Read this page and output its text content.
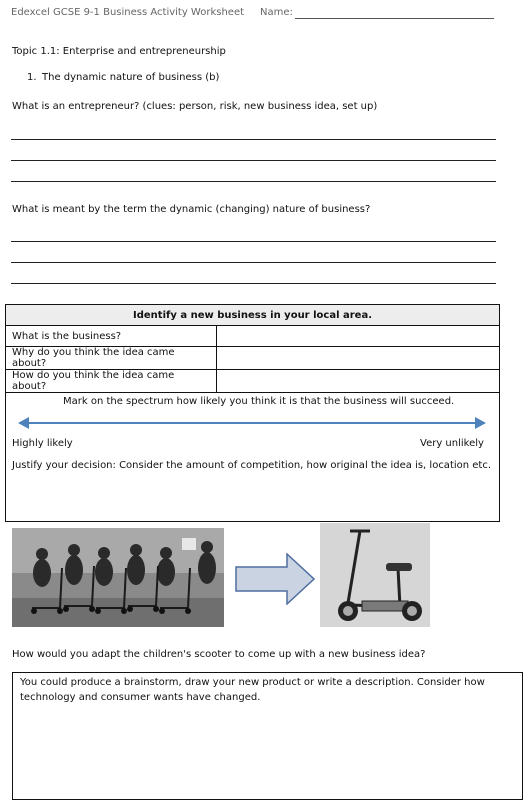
Edexcel GCSE 9-1 Business Activity Worksheet Name:
Topic 1.1: Enterprise and entrepreneurship
1. The dynamic nature of business (b)
What is an entrepreneur? (clues: person, risk, new business idea, set up)
What is meant by the term the dynamic (changing) nature of business?
Identify a new business in your local area.	
What is the business?	
Why do you think the idea came about?	
How do you think the idea came about?	
Mark on the spectrum how likely you think it is that the business will succeed.
Highly likely	Very unlikely
Justify your decision: Consider the amount of competition, how original the idea is, location etc.
How would you adapt the children's scooter to come up with a new business idea?
You could produce a brainstorm, draw your new product or write a description. Consider how
technology and consumer wants have changed.
